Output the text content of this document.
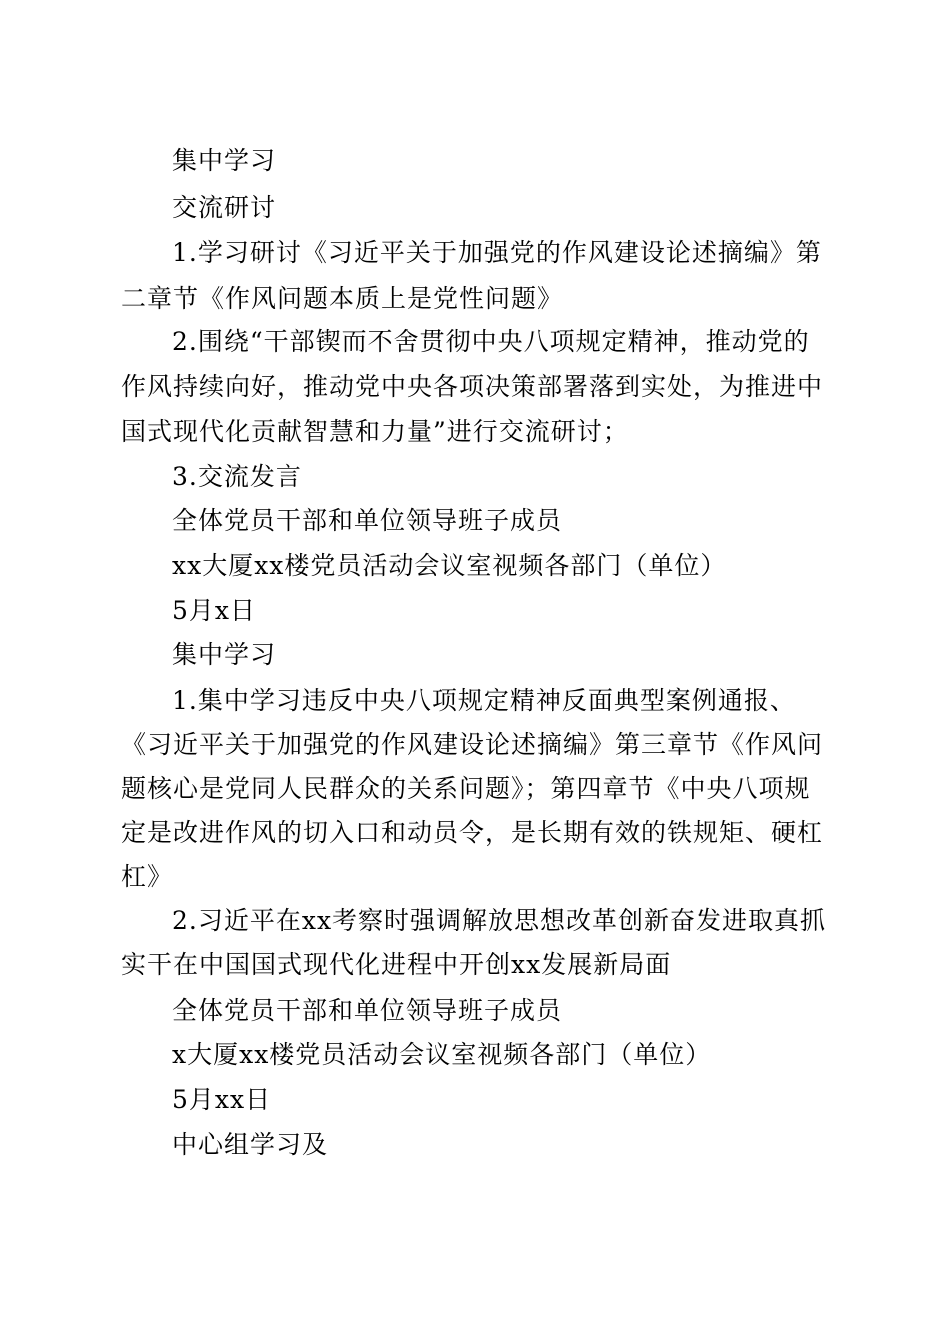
集中学习
交流研讨
1.学习研讨《习近平关于加强党的作风建设论述摘编》第
二章节《作风问题本质上是党性问题》
2.围绕“干部锲而不舍贯彻中央八项规定精神，推动党的
作风持续向好，推动党中央各项决策部署落到实处，为推进中
国式现代化贡献智慧和力量”进行交流研讨；
3.交流发言
全体党员干部和单位领导班子成员
xx大厦xx楼党员活动会议室视频各部门（单位）
5月x日
集中学习
1.集中学习违反中央八项规定精神反面典型案例通报、
《习近平关于加强党的作风建设论述摘编》第三章节《作风问
题核心是党同人民群众的关系问题》；第四章节《中央八项规
定是改进作风的切入口和动员令，是长期有效的铁规矩、硬杠
杠》
2.习近平在xx考察时强调解放思想改革创新奋发进取真抓
实干在中国国式现代化进程中开创xx发展新局面
全体党员干部和单位领导班子成员
x大厦xx楼党员活动会议室视频各部门（单位）
5月xx日
中心组学习及
